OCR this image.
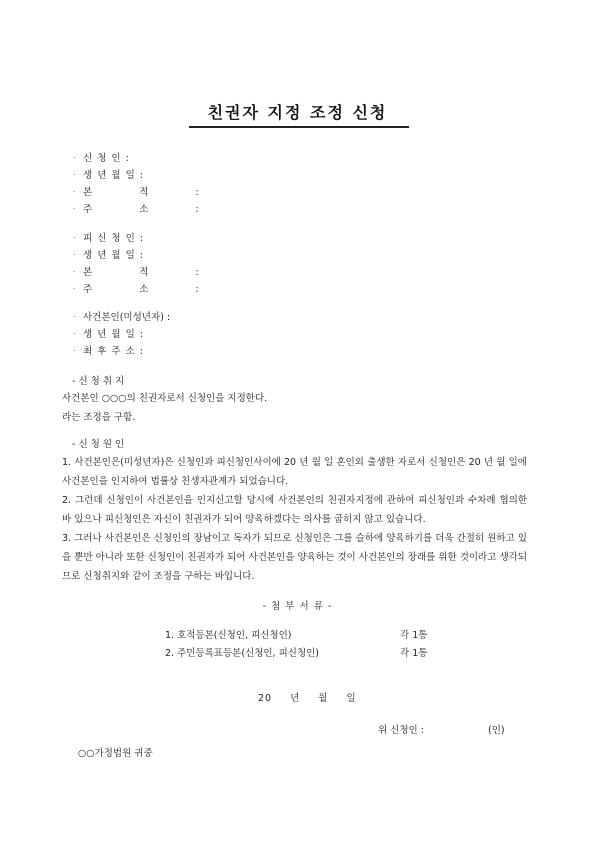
친권자 지정 조정 신청
· 신 청 인 :
· 생 년 월 일 :
· 본 적 :
· 주 소 :
· 피 신 청 인 :
· 생 년 월 일 :
· 본 적 :
· 주 소 :
· 사건본인(미성년자) :
· 생 년 월 일 :
· 최 후 주 소 :
- 신 청 취 지
사건본인 ○○○의 친권자로서 신청인을 지정한다.
라는 조정을 구함.
- 신 청 원 인
1. 사건본인은(미성년자)은 신청인과 피신청인사이에 20 년 월 일 혼인외 출생한 자로서 신청인은 20 년 월 일에 사건본인을 인지하여 법률상 친생자관계가 되었습니다.
2. 그런데 신청인이 사건본인을 인지신고할 당시에 사건본인의 친권자지정에 관하여 피신청인과 수차례 협의한 바 있으나 피신청인은 자신이 친권자가 되어 양육하겠다는 의사를 굽히지 않고 있습니다.
3. 그러나 사건본인은 신청인의 장남이고 독자가 되므로 신청인은 그를 슬하에 양육하기를 더욱 간절히 원하고 있을 뿐만 아니라 또한 신청인이 친권자가 되어 사건본인을 양육하는 것이 사건본인의 장래를 위한 것이라고 생각되므로 신청취지와 같이 조정을 구하는 바입니다.
- 첨 부 서 류 -
1. 호적등본(신청인, 피신청인)	각 1통
2. 주민등록표등본(신청인, 피신청인)	각 1통
20 년 월 일
위 신청인 :	(인)
○○가정법원 귀중
